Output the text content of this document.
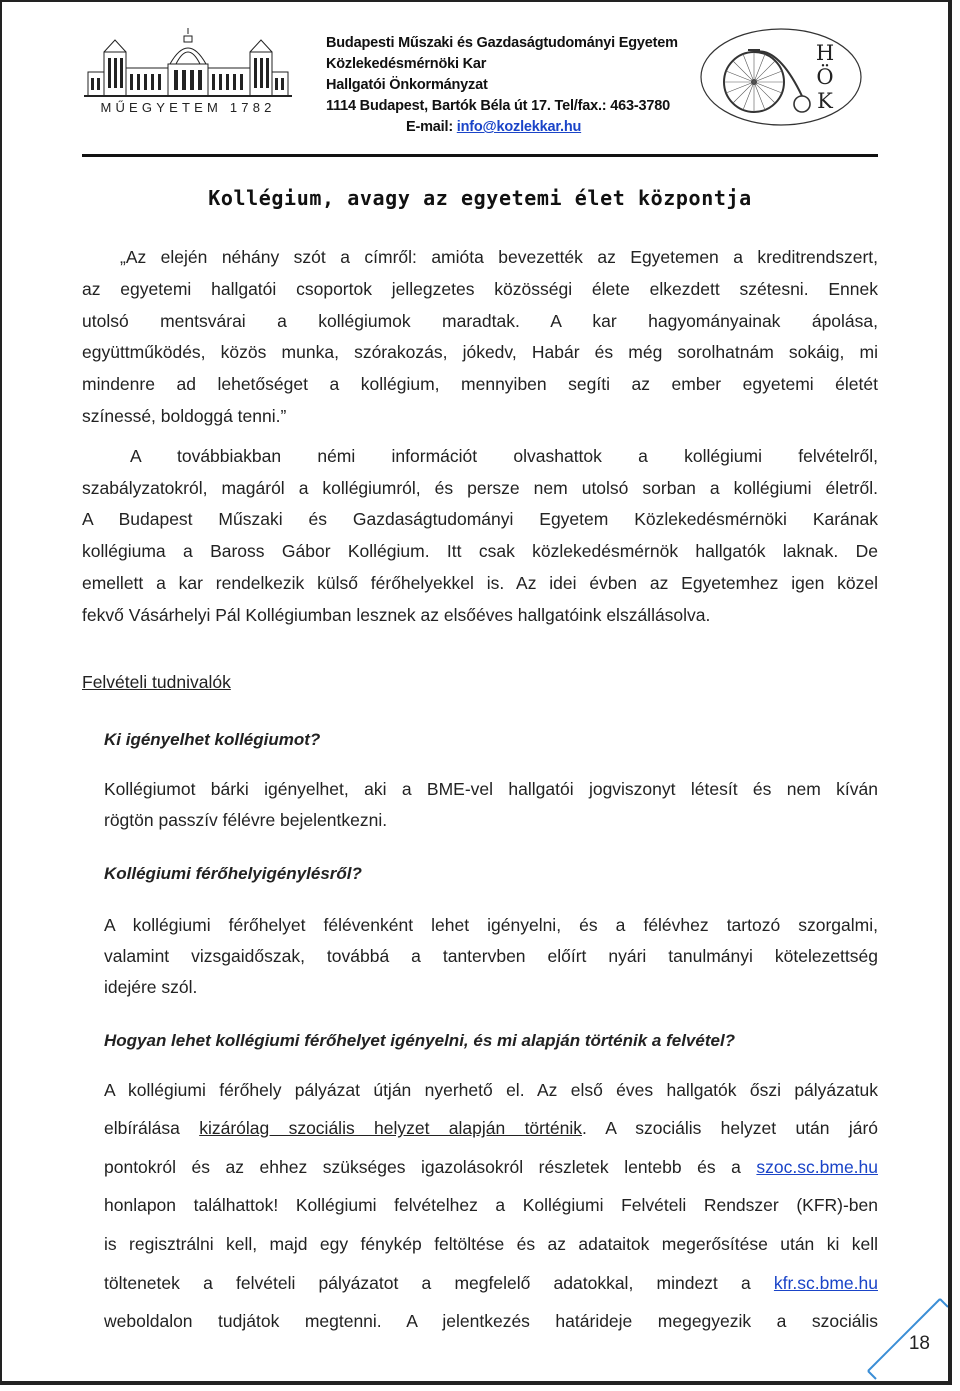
MŰEGYETEM 1782
Budapesti Műszaki és Gazdaságtudományi Egyetem
Közlekedésmérnöki Kar
Hallgatói Önkormányzat
1114 Budapest, Bartók Béla út 17. Tel/fax.: 463-3780
E-mail: info@kozlekkar.hu
H
Ö
K
Kollégium, avagy az egyetemi élet központja

„Az elején néhány szót a címről: amióta bevezették az Egyetemen a kreditrendszert,
az egyetemi hallgatói csoportok jellegzetes közösségi élete elkezdett szétesni. Ennek
utolsó mentsvárai a kollégiumok maradtak. A kar hagyományainak ápolása,
együttműködés, közös munka, szórakozás, jókedv, Habár és még sorolhatnám sokáig, mi
mindenre ad lehetőséget a kollégium, mennyiben segíti az ember egyetemi életét
színessé, boldoggá tenni.”

A továbbiakban némi információt olvashattok a kollégiumi felvételről,
szabályzatokról, magáról a kollégiumról, és persze nem utolsó sorban a kollégiumi életről.
A Budapest Műszaki és Gazdaságtudományi Egyetem Közlekedésmérnöki Karának
kollégiuma a Baross Gábor Kollégium. Itt csak közlekedésmérnök hallgatók laknak. De
emellett a kar rendelkezik külső férőhelyekkel is. Az idei évben az Egyetemhez igen közel
fekvő Vásárhelyi Pál Kollégiumban lesznek az elsőéves hallgatóink elszállásolva.

Felvételi tudnivalók
Ki igényelhet kollégiumot?
Kollégiumot bárki igényelhet, aki a BME-vel hallgatói jogviszonyt létesít és nem kíván
rögtön passzív félévre bejelentkezni.
Kollégiumi férőhelyigénylésről?
A kollégiumi férőhelyet félévenként lehet igényelni, és a félévhez tartozó szorgalmi,
valamint vizsgaidőszak, továbbá a tantervben előírt nyári tanulmányi kötelezettség
idejére szól.
Hogyan lehet kollégiumi férőhelyet igényelni, és mi alapján történik a felvétel?
A kollégiumi férőhely pályázat útján nyerhető el. Az első éves hallgatók őszi pályázatuk
elbírálása kizárólag szociális helyzet alapján történik. A szociális helyzet után járó
pontokról és az ehhez szükséges igazolásokról részletek lentebb és a szoc.sc.bme.hu
honlapon találhattok! Kollégiumi felvételhez a Kollégiumi Felvételi Rendszer (KFR)-ben
is regisztrálni kell, majd egy fénykép feltöltése és az adataitok megerősítése után ki kell
töltenetek a felvételi pályázatot a megfelelő adatokkal, mindezt a kfr.sc.bme.hu
weboldalon tudjátok megtenni. A jelentkezés határideje megegyezik a szociális
18
